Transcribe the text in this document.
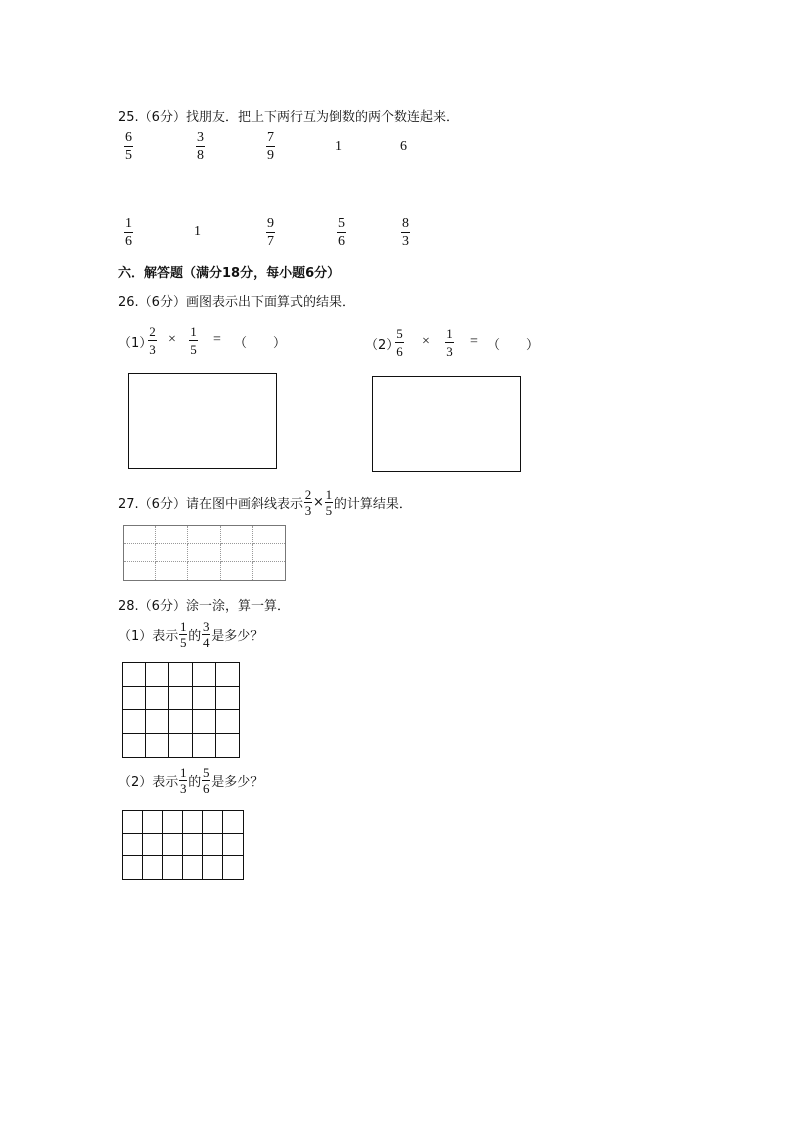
25.（6分）找朋友．把上下两行互为倒数的两个数连起来．
6
5
3
8
7
9
1	6
1
6
1
9
7
5
6
8
3
六．解答题（满分18分，每小题6分）
26.（6分）画图表示出下面算式的结果．
（1）
2
3
×
1
5
= （　　）	（2）
5
6
×
1
3
= （　　）
27.（6分）请在图中画斜线表示
2
3
×
1
5 的计算结果．
28.（6分）涂一涂，算一算．
（1）表示
1
5 的
3
4 是多少？
（2）表示
1
3 的
5
6 是多少？
